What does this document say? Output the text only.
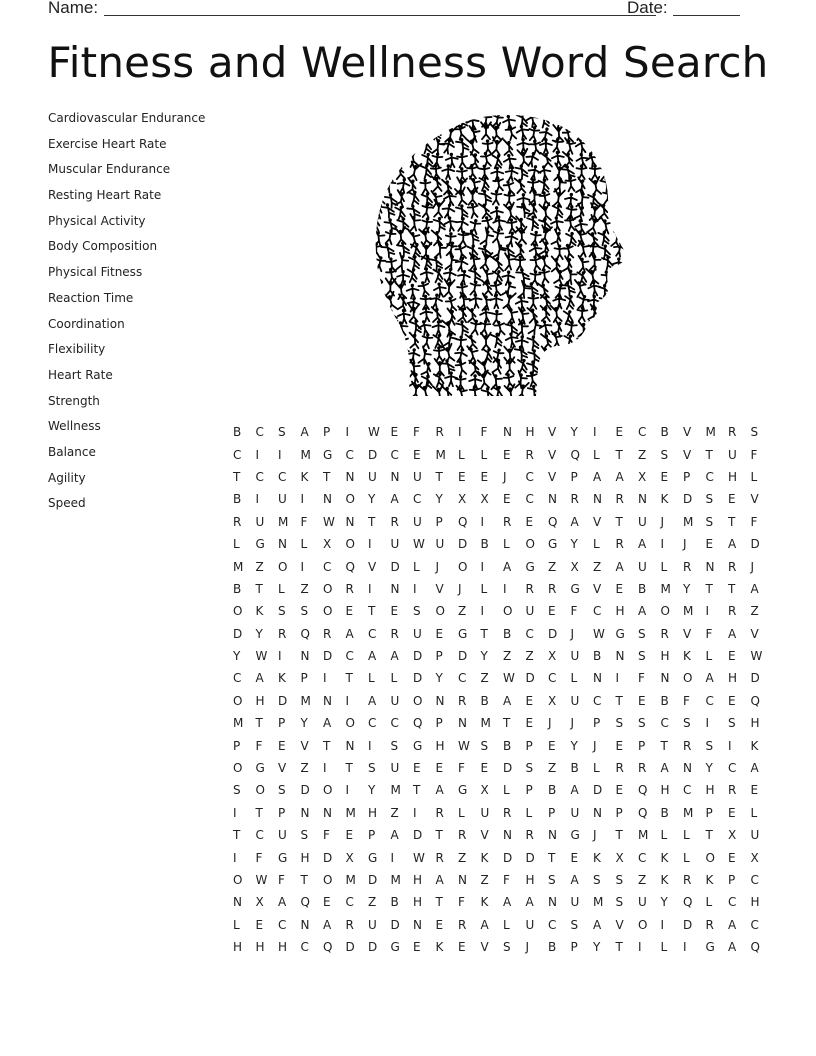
Name:	Date:
Fitness and Wellness Word Search
Cardiovascular Endurance
Exercise Heart Rate
Muscular Endurance
Resting Heart Rate
Physical Activity
Body Composition
Physical Fitness
Reaction Time
Coordination
Flexibility
Heart Rate
Strength
Wellness
Balance
Agility
Speed
B	C	S	A	P	I	W E	F	R	I	F	N	H	V	Y	I	E	C	B	V	M	R	S
C	I	I	M	G	C	D	C	E	M	L	L	E	R	V	Q	L	T	Z	S	V	T	U	F
T	C	C	K	T	N	U	N	U	T	E	E	J	C	V	P	A	A	X	E	P	C	H	L
B	I	U	I	N	O	Y	A	C	Y	X	X	E	C	N	R	N	R	N	K	D	S	E	V
R	U	M	F	W N	T	R	U	P	Q	I	R	E	Q	A	V	T	U	J	M	S	T	F
L	G	N	L	X	O	I	U	W U	D	B	L	O	G	Y	L	R	A	I	J	E	A	D
M	Z	O	I	C	Q	V	D	L	J	O	I	A	G	Z	X	Z	A	U	L	R	N	R	J
B	T	L	Z	O	R	I	N	I	V	J	L	I	R	R	G	V	E	B	M	Y	T	T	A
O	K	S	S	O	E	T	E	S	O	Z	I	O	U	E	F	C	H	A	O	M	I	R	Z
D	Y	R	Q	R	A	C	R	U	E	G	T	B	C	D	J	W G	S	R	V	F	A	V
Y	W I	N	D	C	A	A	D	P	D	Y	Z	Z	X	U	B	N	S	H	K	L	E	W
C	A	K	P	I	T	L	L	D	Y	C	Z	W D	C	L	N	I	F	N	O	A	H	D
O	H	D	M	N	I	A	U	O	N	R	B	A	E	X	U	C	T	E	B	F	C	E	Q
M	T	P	Y	A	O	C	C	Q	P	N	M	T	E	J	J	P	S	S	C	S	I	S	H
P	F	E	V	T	N	I	S	G	H	W S	B	P	E	Y	J	E	P	T	R	S	I	K
O	G	V	Z	I	T	S	U	E	E	F	E	D	S	Z	B	L	R	R	A	N	Y	C	A
S	O	S	D	O	I	Y	M	T	A	G	X	L	P	B	A	D	E	Q	H	C	H	R	E
I	T	P	N	N	M	H	Z	I	R	L	U	R	L	P	U	N	P	Q	B	M	P	E	L
T	C	U	S	F	E	P	A	D	T	R	V	N	R	N	G	J	T	M	L	L	T	X	U
I	F	G	H	D	X	G	I	W R	Z	K	D	D	T	E	K	X	C	K	L	O	E	X
O	W F	T	O	M	D	M	H	A	N	Z	F	H	S	A	S	S	Z	K	R	K	P	C
N	X	A	Q	E	C	Z	B	H	T	F	K	A	A	N	U	M	S	U	Y	Q	L	C	H
L	E	C	N	A	R	U	D	N	E	R	A	L	U	C	S	A	V	O	I	D	R	A	C
H	H	H	C	Q	D	D	G	E	K	E	V	S	J	B	P	Y	T	I	L	I	G	A	Q
